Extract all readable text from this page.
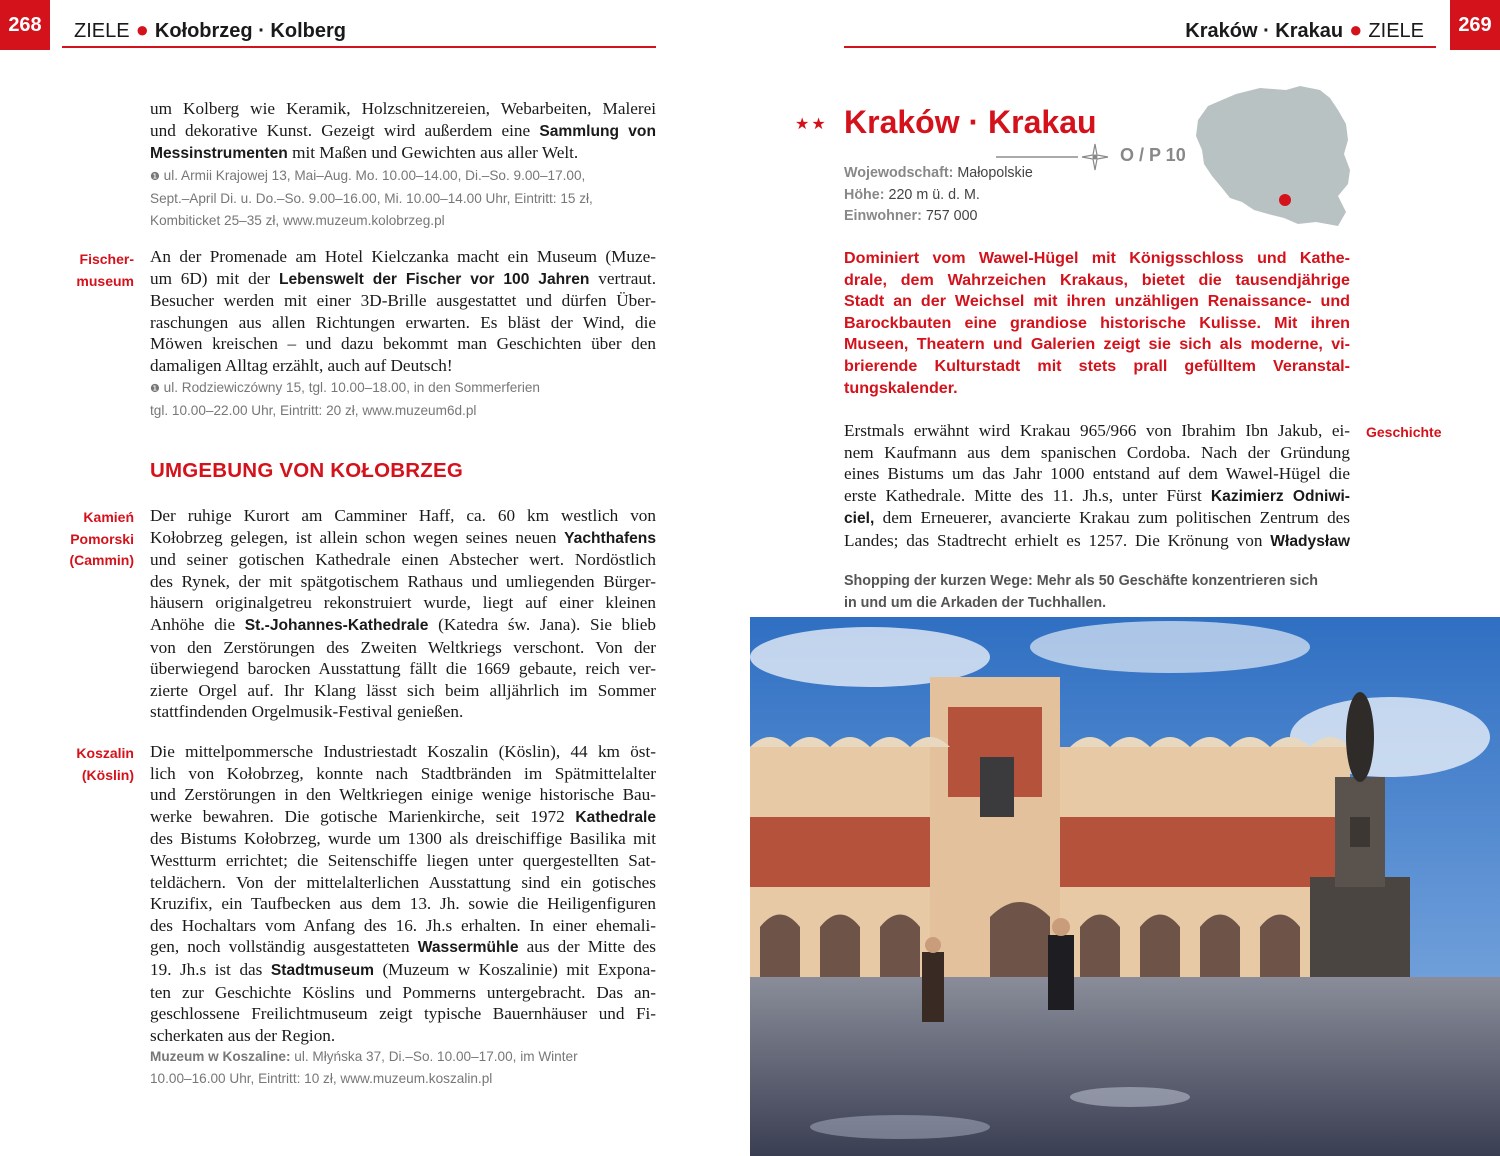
268	ZIELE ● Kołobrzeg · Kolberg

um Kolberg wie Keramik, Holzschnitzereien, Webarbeiten, Malerei

und dekorative Kunst. Gezeigt wird außerdem eine Sammlung von

Messinstrumenten mit Maßen und Gewichten aus aller Welt.

❶ ul. Armii Krajowej 13, Mai–Aug. Mo. 10.00–14.00, Di.–So. 9.00–17.00,
Sept.–April Di. u. Do.–So. 9.00–16.00, Mi. 10.00–14.00 Uhr, Eintritt: 15 zł,
Kombiticket 25–35 zł, www.muzeum.kolobrzeg.pl
Fischer-
museum

An der Promenade am Hotel Kielczanka macht ein Museum (Muze-

um 6D) mit der Lebenswelt der Fischer vor 100 Jahren vertraut.

Besucher werden mit einer 3D-Brille ausgestattet und dürfen Über-

raschungen aus allen Richtungen erwarten. Es bläst der Wind, die

Möwen kreischen – und dazu bekommt man Geschichten über den

damaligen Alltag erzählt, auch auf Deutsch!

❶ ul. Rodziewiczówny 15, tgl. 10.00–18.00, in den Sommerferien
tgl. 10.00–22.00 Uhr, Eintritt: 20 zł, www.muzeum6d.pl
UMGEBUNG VON KOŁOBRZEG
Kamień
Pomorski
(Cammin)

Der ruhige Kurort am Camminer Haff, ca. 60 km westlich von

Kołobrzeg gelegen, ist allein schon wegen seines neuen Yachthafens

und seiner gotischen Kathedrale einen Abstecher wert. Nordöstlich

des Rynek, der mit spätgotischem Rathaus und umliegenden Bürger-

häusern originalgetreu rekonstruiert wurde, liegt auf einer kleinen

Anhöhe die St.-Johannes-Kathedrale (Katedra św. Jana). Sie blieb

von den Zerstörungen des Zweiten Weltkriegs verschont. Von der

überwiegend barocken Ausstattung fällt die 1669 gebaute, reich ver-

zierte Orgel auf. Ihr Klang lässt sich beim alljährlich im Sommer

stattfindenden Orgelmusik-Festival genießen.

Koszalin
(Köslin)

Die mittelpommersche Industriestadt Koszalin (Köslin), 44 km öst-

lich von Kołobrzeg, konnte nach Stadtbränden im Spätmittelalter

und Zerstörungen in den Weltkriegen einige wenige historische Bau-

werke bewahren. Die gotische Marienkirche, seit 1972 Kathedrale

des Bistums Kołobrzeg, wurde um 1300 als dreischiffige Basilika mit

Westturm errichtet; die Seitenschiffe liegen unter quergestellten Sat-

teldächern. Von der mittelalterlichen Ausstattung sind ein gotisches

Kruzifix, ein Taufbecken aus dem 13. Jh. sowie die Heiligenfiguren

des Hochaltars vom Anfang des 16. Jh.s erhalten. In einer ehemali-

gen, noch vollständig ausgestatteten Wassermühle aus der Mitte des

19. Jh.s ist das Stadtmuseum (Muzeum w Koszalinie) mit Expona-

ten zur Geschichte Köslins und Pommerns untergebracht. Das an-

geschlossene Freilichtmuseum zeigt typische Bauernhäuser und Fi-

scherkaten aus der Region.

Muzeum w Koszaline: ul. Młyńska 37, Di.–So. 10.00–17.00, im Winter
10.00–16.00 Uhr, Eintritt: 10 zł, www.muzeum.koszalin.pl
Kraków · Krakau ● ZIELE	269
★★ Kraków · Krakau
O / P 10
Wojewodschaft: Małopolskie
Höhe: 220 m ü. d. M.
Einwohner: 757 000
Dominiert vom Wawel-Hügel mit Königsschloss und Kathe-
drale, dem Wahrzeichen Krakaus, bietet die tausendjährige
Stadt an der Weichsel mit ihren unzähligen Renaissance- und
Barockbauten eine grandiose historische Kulisse. Mit ihren
Museen, Theatern und Galerien zeigt sie sich als moderne, vi-
brierende Kulturstadt mit stets prall gefülltem Veranstal-
tungskalender.

Erstmals erwähnt wird Krakau 965/966 von Ibrahim Ibn Jakub, ei-

nem Kaufmann aus dem spanischen Cordoba. Nach der Gründung

eines Bistums um das Jahr 1000 entstand auf dem Wawel-Hügel die

erste Kathedrale. Mitte des 11. Jh.s, unter Fürst Kazimierz Odniwi-

ciel, dem Erneuerer, avancierte Krakau zum politischen Zentrum des

Landes; das Stadtrecht erhielt es 1257. Die Krönung von Władysław

Geschichte
Shopping der kurzen Wege: Mehr als 50 Geschäfte konzentrieren sich
in und um die Arkaden der Tuchhallen.
